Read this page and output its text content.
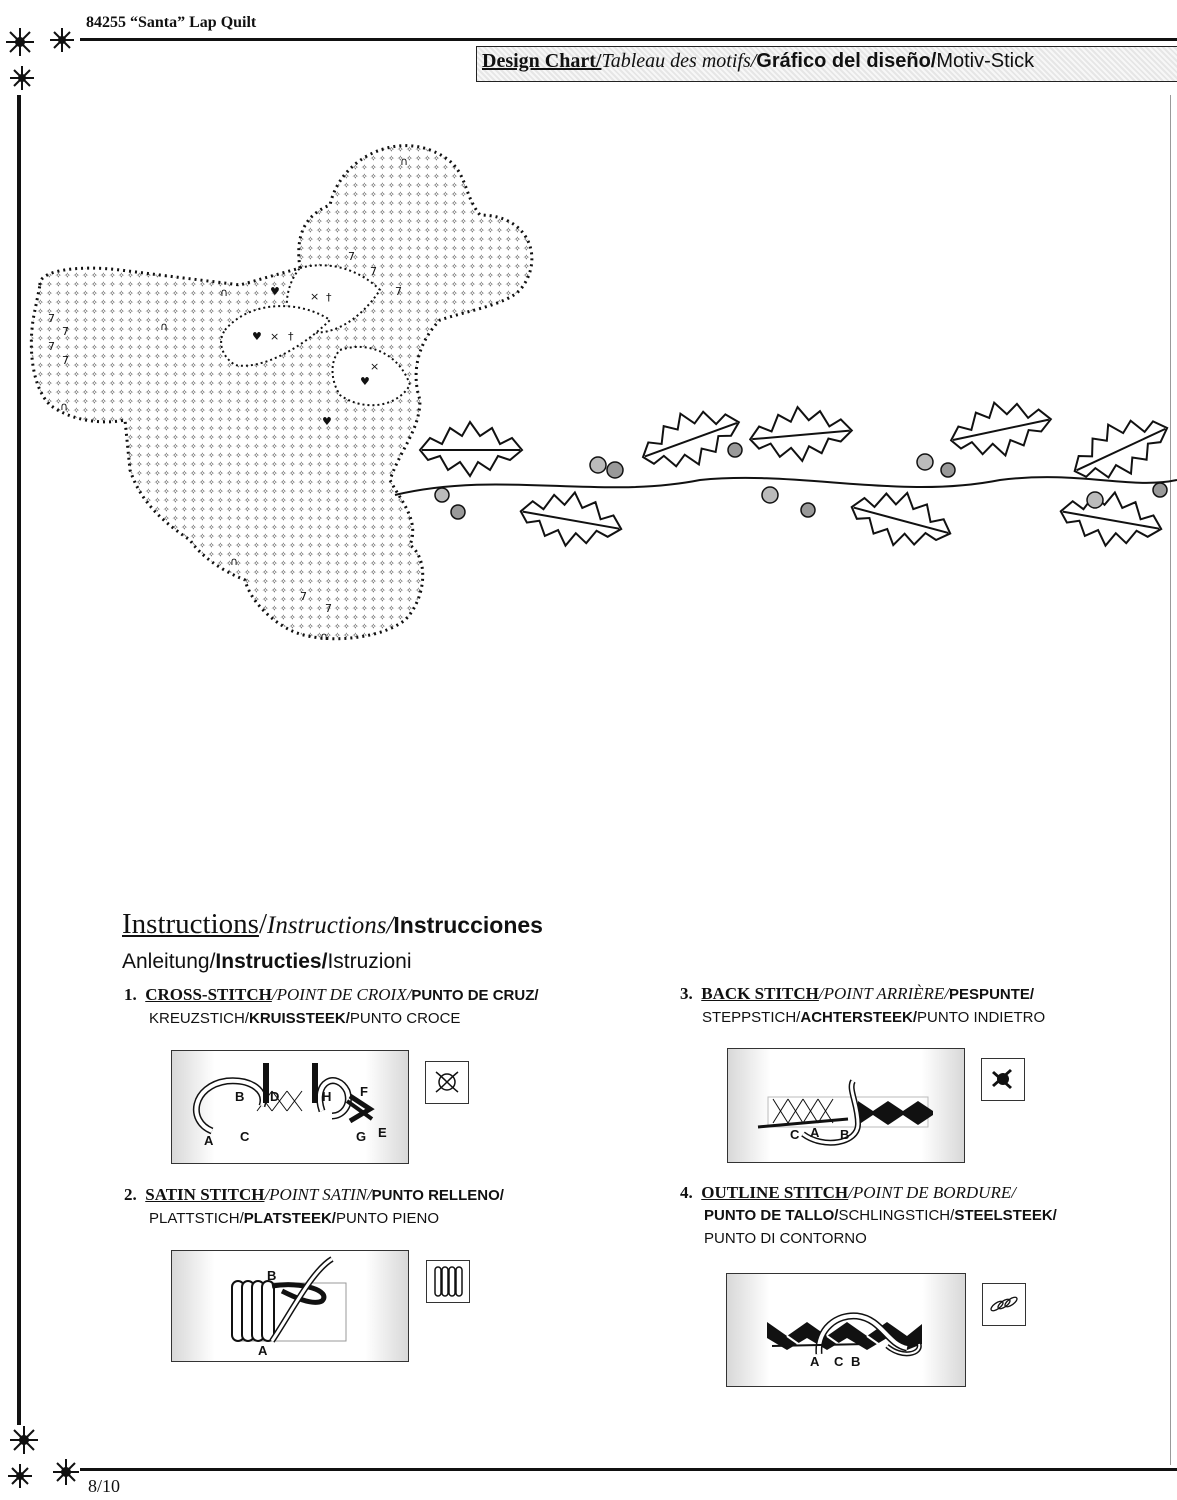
84255 “Santa” Lap Quilt
Design Chart/Tableau des motifs/Gráfico del diseño/Motiv-Stick
7
7
7
7
7
7
7
7
7
♥
♥
♥
♥
×
×
×
†
†
∩
∩
∩
∩
∩
∩
Instructions/Instructions/Instrucciones
Anleitung/Instructies/Istruzioni
1. CROSS-STITCH/POINT DE CROIX/PUNTO DE CRUZ/
KREUZSTICH/KRUISSTEEK/PUNTO CROCE
A
B
C
D	H F
G E
2. SATIN STITCH/POINT SATIN/PUNTO RELLENO/
PLATTSTICH/PLATSTEEK/PUNTO PIENO
B
A
3. BACK STITCH/POINT ARRIÈRE/PESPUNTE/
STEPPSTICH/ACHTERSTEEK/PUNTO INDIETRO
C A B
4. OUTLINE STITCH/POINT DE BORDURE/
PUNTO DE TALLO/SCHLINGSTICH/STEELSTEEK/
PUNTO DI CONTORNO
A C B
8/10
